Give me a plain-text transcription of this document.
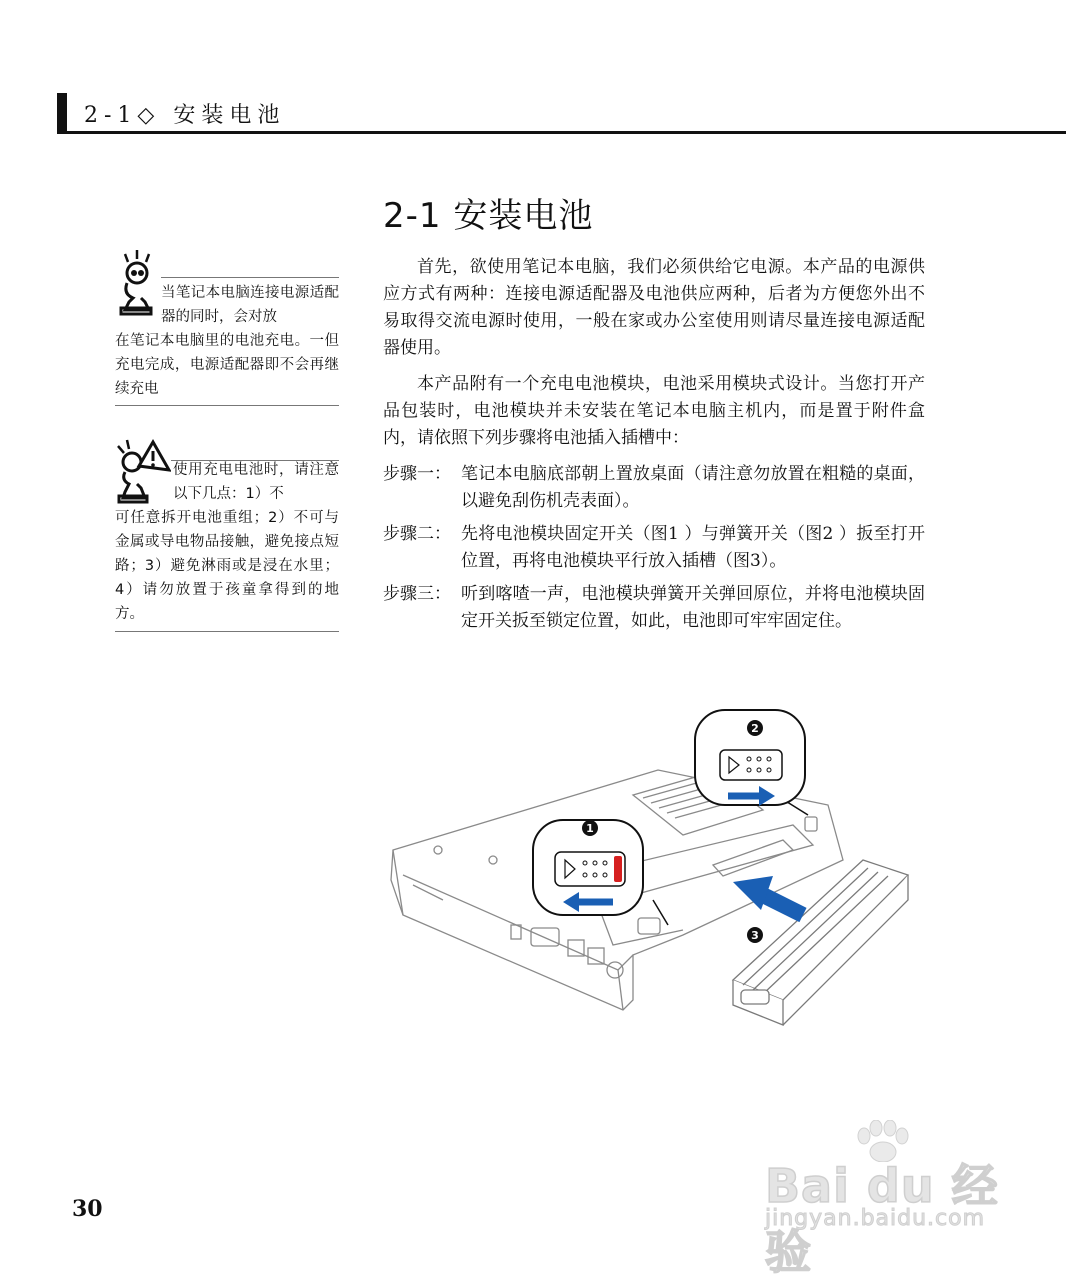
2-1◇ 安装电池
2-1 安装电池
当笔记本电脑连接电源适配器的同时，会对放
在笔记本电脑里的电池充电。一但充电完成，电源适配器即不会再继续充电
使用充电电池时，请注意以下几点：1）不
可任意拆开电池重组；2）不可与金属或导电物品接触，避免接点短路；3）避免淋雨或是浸在水里；4）请勿放置于孩童拿得到的地方。

首先，欲使用笔记本电脑，我们必须供给它电源。本产品的电源供应方式有两种：连接电源适配器及电池供应两种，后者为方便您外出不易取得交流电源时使用，一般在家或办公室使用则请尽量连接电源适配器使用。

本产品附有一个充电电池模块，电池采用模块式设计。当您打开产品包装时，电池模块并未安装在笔记本电脑主机内，而是置于附件盒内，请依照下列步骤将电池插入插槽中：

步骤一： 笔记本电脑底部朝上置放桌面（请注意勿放置在粗糙的桌面，以避免刮伤机壳表面）。
步骤二： 先将电池模块固定开关（图1 ）与弹簧开关（图2 ）扳至打开位置，再将电池模块平行放入插槽（图3）。
步骤三： 听到喀喳一声，电池模块弹簧开关弹回原位，并将电池模块固定开关扳至锁定位置，如此，电池即可牢牢固定住。
1
2
3
30	Bai du 经验
jingyan.baidu.com
